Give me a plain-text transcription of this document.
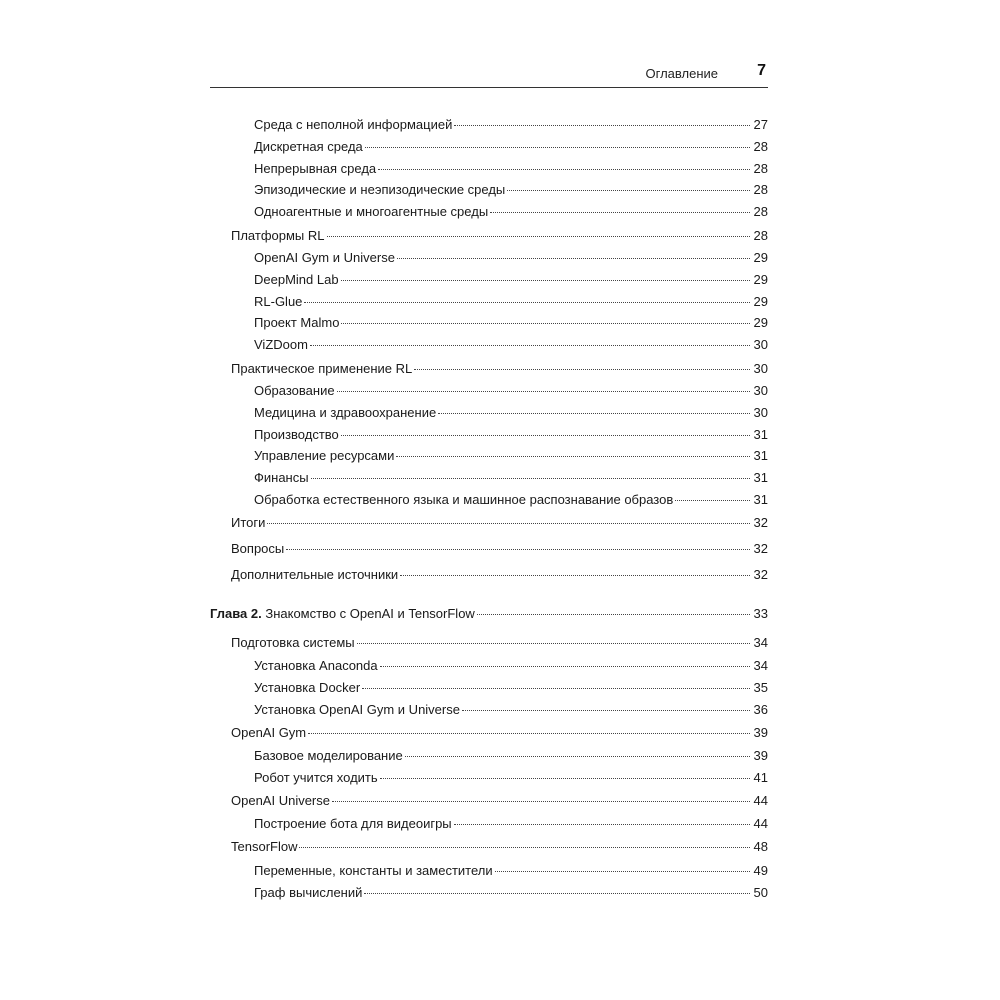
Оглавление 7
Среда с неполной информацией	27
Дискретная среда	28
Непрерывная среда	28
Эпизодические и неэпизодические среды	28
Одноагентные и многоагентные среды	28
Платформы RL	28
OpenAI Gym и Universe	29
DeepMind Lab	29
RL-Glue	29
Проект Malmo	29
ViZDoom	30
Практическое применение RL	30
Образование	30
Медицина и здравоохранение	30
Производство	31
Управление ресурсами	31
Финансы	31
Обработка естественного языка и машинное распознавание образов	31
Итоги	32
Вопросы	32
Дополнительные источники	32
Глава 2. Знакомство с OpenAI и TensorFlow	33
Подготовка системы	34
Установка Anaconda	34
Установка Docker	35
Установка OpenAI Gym и Universe	36
OpenAI Gym	39
Базовое моделирование	39
Робот учится ходить	41
OpenAI Universe	44
Построение бота для видеоигры	44
TensorFlow	48
Переменные, константы и заместители	49
Граф вычислений	50
